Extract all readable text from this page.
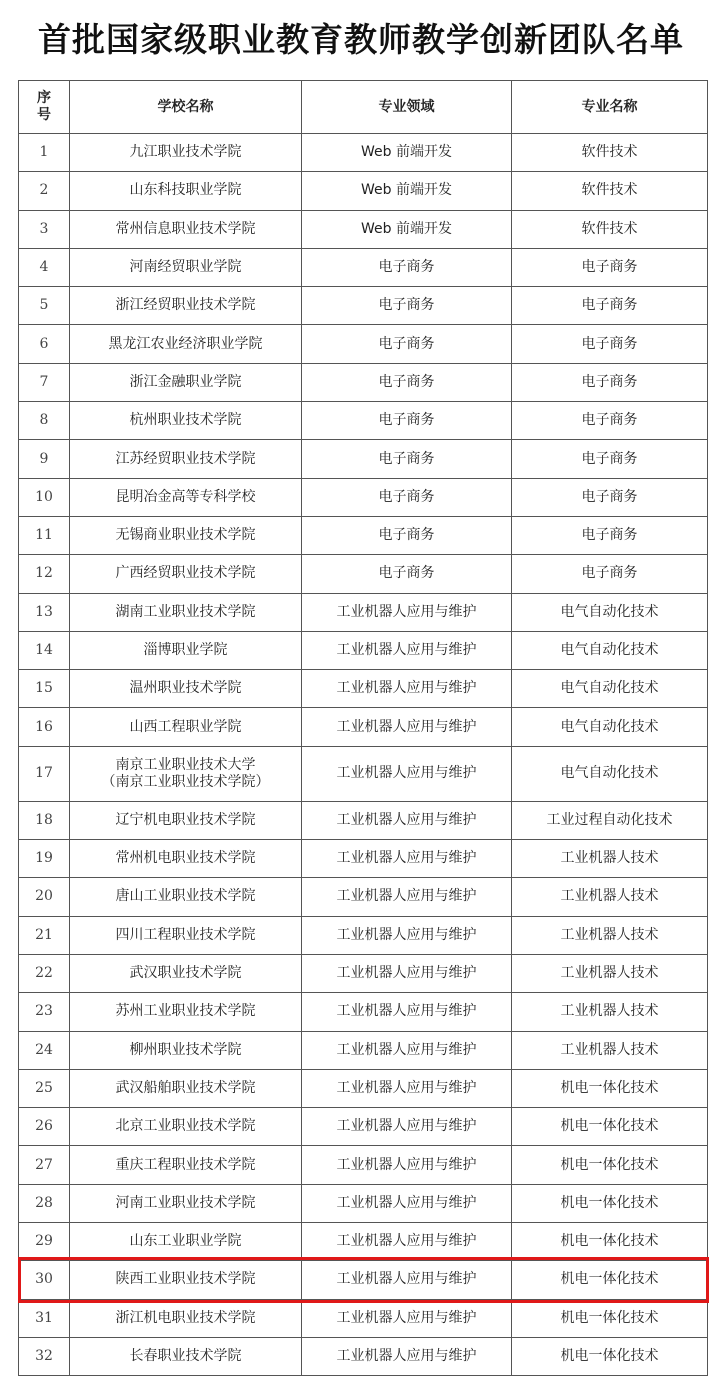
首批国家级职业教育教师教学创新团队名单
序
号	学校名称	专业领域	专业名称
1	九江职业技术学院	Web 前端开发	软件技术
2	山东科技职业学院	Web 前端开发	软件技术
3	常州信息职业技术学院	Web 前端开发	软件技术
4	河南经贸职业学院	电子商务	电子商务
5	浙江经贸职业技术学院	电子商务	电子商务
6	黑龙江农业经济职业学院	电子商务	电子商务
7	浙江金融职业学院	电子商务	电子商务
8	杭州职业技术学院	电子商务	电子商务
9	江苏经贸职业技术学院	电子商务	电子商务
10	昆明冶金高等专科学校	电子商务	电子商务
11	无锡商业职业技术学院	电子商务	电子商务
12	广西经贸职业技术学院	电子商务	电子商务
13	湖南工业职业技术学院	工业机器人应用与维护	电气自动化技术
14	淄博职业学院	工业机器人应用与维护	电气自动化技术
15	温州职业技术学院	工业机器人应用与维护	电气自动化技术
16	山西工程职业学院	工业机器人应用与维护	电气自动化技术
17	南京工业职业技术大学
（南京工业职业技术学院）	工业机器人应用与维护	电气自动化技术
18	辽宁机电职业技术学院	工业机器人应用与维护	工业过程自动化技术
19	常州机电职业技术学院	工业机器人应用与维护	工业机器人技术
20	唐山工业职业技术学院	工业机器人应用与维护	工业机器人技术
21	四川工程职业技术学院	工业机器人应用与维护	工业机器人技术
22	武汉职业技术学院	工业机器人应用与维护	工业机器人技术
23	苏州工业职业技术学院	工业机器人应用与维护	工业机器人技术
24	柳州职业技术学院	工业机器人应用与维护	工业机器人技术
25	武汉船舶职业技术学院	工业机器人应用与维护	机电一体化技术
26	北京工业职业技术学院	工业机器人应用与维护	机电一体化技术
27	重庆工程职业技术学院	工业机器人应用与维护	机电一体化技术
28	河南工业职业技术学院	工业机器人应用与维护	机电一体化技术
29	山东工业职业学院	工业机器人应用与维护	机电一体化技术
30	陕西工业职业技术学院	工业机器人应用与维护	机电一体化技术
31	浙江机电职业技术学院	工业机器人应用与维护	机电一体化技术
32	长春职业技术学院	工业机器人应用与维护	机电一体化技术
